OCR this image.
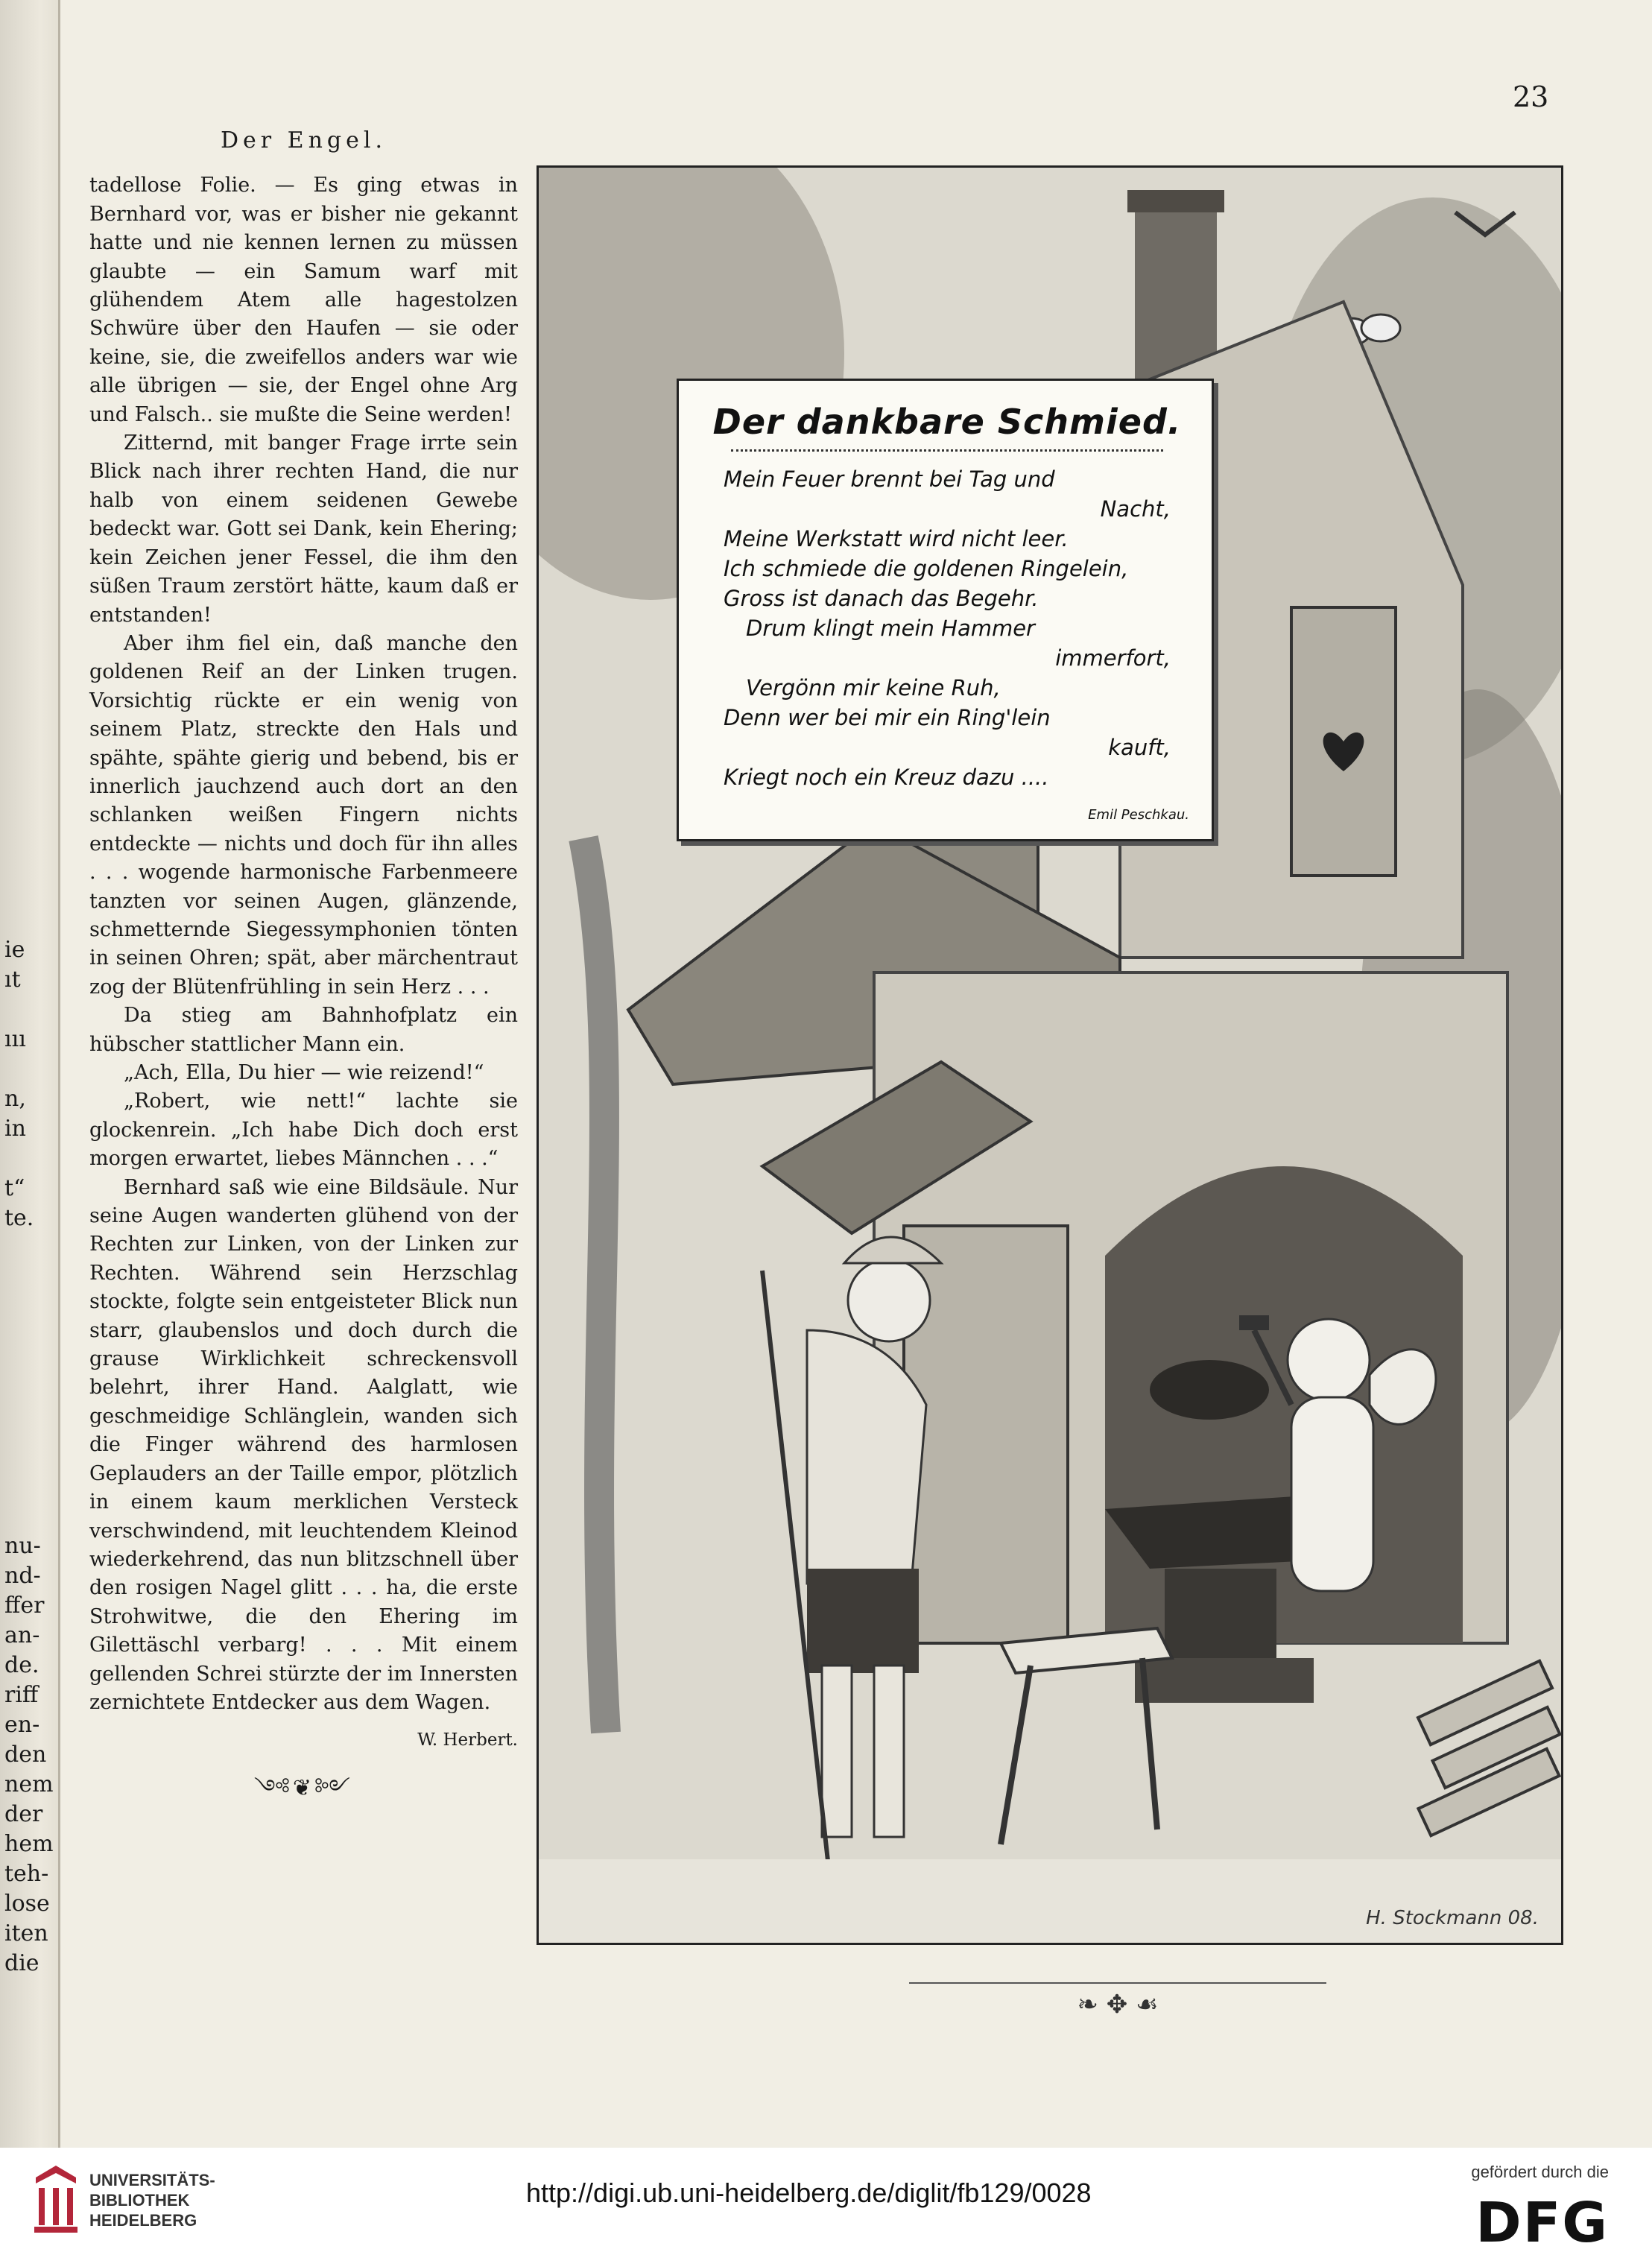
ie
ıt
ııı
n,
in
t“
te.
nu-
nd-
ffer
an-
de.
riff
en-
den
nem
der
hem
teh-
lose
iten
die
23
Der Engel.

tadellose Folie. — Es ging etwas in Bernhard vor, was er bisher nie gekannt hatte und nie kennen lernen zu müssen glaubte — ein Samum warf mit glühendem Atem alle hagestolzen Schwüre über den Haufen — sie oder keine, sie, die zweifellos anders war wie alle übrigen — sie, der Engel ohne Arg und Falsch.. sie mußte die Seine werden!

Zitternd, mit banger Frage irrte sein Blick nach ihrer rechten Hand, die nur halb von einem seidenen Gewebe bedeckt war. Gott sei Dank, kein Ehering; kein Zeichen jener Fessel, die ihm den süßen Traum zerstört hätte, kaum daß er entstanden!

Aber ihm fiel ein, daß manche den goldenen Reif an der Linken trugen. Vorsichtig rückte er ein wenig von seinem Platz, streckte den Hals und spähte, spähte gierig und bebend, bis er innerlich jauchzend auch dort an den schlanken weißen Fingern nichts entdeckte — nichts und doch für ihn alles . . . wogende harmonische Farbenmeere tanzten vor seinen Augen, glänzende, schmetternde Siegessymphonien tönten in seinen Ohren; spät, aber märchentraut zog der Blütenfrühling in sein Herz . . .

Da stieg am Bahnhofplatz ein hübscher stattlicher Mann ein.

„Ach, Ella, Du hier — wie reizend!“

„Robert, wie nett!“ lachte sie glockenrein. „Ich habe Dich doch erst morgen erwartet, liebes Männchen . . .“

Bernhard saß wie eine Bildsäule. Nur seine Augen wanderten glühend von der Rechten zur Linken, von der Linken zur Rechten. Während sein Herzschlag stockte, folgte sein entgeisteter Blick nun starr, glaubenslos und doch durch die grause Wirklichkeit schreckensvoll belehrt, ihrer Hand. Aalglatt, wie geschmeidige Schlänglein, wanden sich die Finger während des harmlosen Geplauders an der Taille empor, plötzlich in einem kaum merklichen Versteck verschwindend, mit leuchtendem Kleinod wiederkehrend, das nun blitzschnell über den rosigen Nagel glitt . . . ha, die erste Strohwitwe, die den Ehering im Gilettäschl verbarg! . . . Mit einem gellenden Schrei stürzte der im Innersten zernichtete Entdecker aus dem Wagen.

W. Herbert.
༺❦༻
Der dankbare Schmied.
Mein Feuer brennt bei Tag und
Nacht,
Meine Werkstatt wird nicht leer.
Ich schmiede die goldenen Ringelein,
Gross ist danach das Begehr.
Drum klingt mein Hammer
immerfort,
Vergönn mir keine Ruh,
Denn wer bei mir ein Ring'lein
kauft,
Kriegt noch ein Kreuz dazu ....
Emil Peschkau.
H. Stockmann 08.
❧ ✥ ☙
UNIVERSITÄTS-
BIBLIOTHEK
HEIDELBERG
http://digi.ub.uni-heidelberg.de/diglit/fb129/0028
gefördert durch die
DFG
